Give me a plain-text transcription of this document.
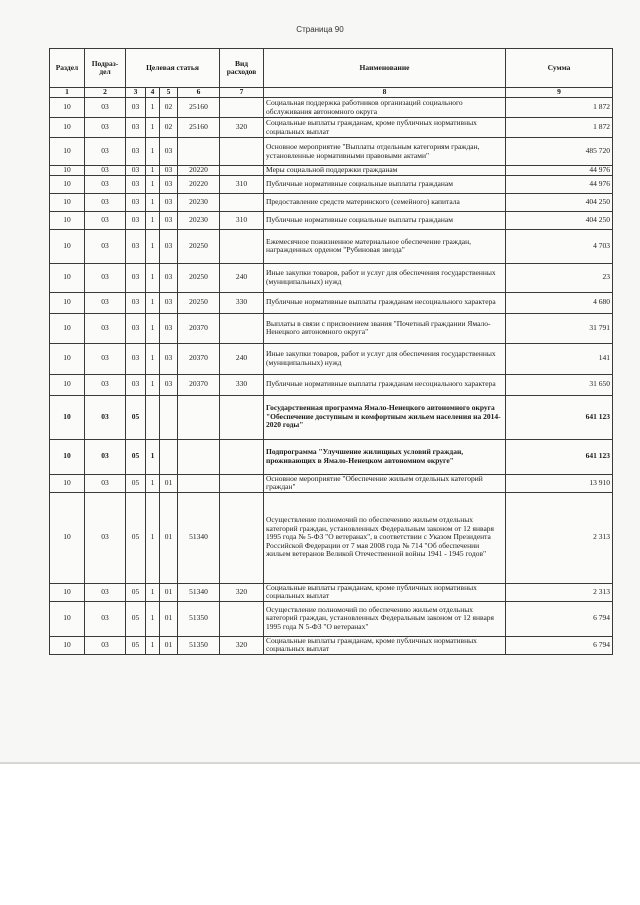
Страница 90
Раздел	Подраз-дел	Целевая статья				Вид расходов	Наименование	Сумма
1	2	3	4	5	6	7	8	9
10	03	03	1	02	25160		Социальная поддержка работников организаций социального обслуживания автономного округа	1 872
10	03	03	1	02	25160	320	Социальные выплаты гражданам, кроме публичных нормативных социальных выплат	1 872
10	03	03	1	03			Основное мероприятие "Выплаты отдельным категориям граждан, установленные нормативными правовыми актами"	485 720
10	03	03	1	03	20220		Меры социальной поддержки гражданам	44 976
10	03	03	1	03	20220	310	Публичные нормативные социальные выплаты гражданам	44 976
10	03	03	1	03	20230		Предоставление средств материнского (семейного) капитала	404 250
10	03	03	1	03	20230	310	Публичные нормативные социальные выплаты гражданам	404 250
10	03	03	1	03	20250		Ежемесячное пожизненное материальное обеспечение граждан, награжденных орденом "Рубиновая звезда"	4 703
10	03	03	1	03	20250	240	Иные закупки товаров, работ и услуг для обеспечения государственных (муниципальных) нужд	23
10	03	03	1	03	20250	330	Публичные нормативные выплаты гражданам несоциального характера	4 680
10	03	03	1	03	20370		Выплаты в связи с присвоением звания "Почетный граждании Ямало-Ненецкого автономного округа"	31 791
10	03	03	1	03	20370	240	Иные закупки товаров, работ и услуг для обеспечения государственных (муниципальных) нужд	141
10	03	03	1	03	20370	330	Публичные нормативные выплаты гражданам несоциального характера	31 650
10	03	05					Государственная программа Ямало-Ненецкого автономного округа "Обеспечение доступным и комфортным жильем населения на 2014-2020 годы"	641 123
10	03	05	1				Подпрограмма "Улучшение жилищных условий граждан, проживающих в Ямало-Ненецком автономном округе"	641 123
10	03	05	1	01			Основное мероприятие "Обеспечение жильем отдельных категорий граждан"	13 910
10	03	05	1	01	51340		Осуществление полномочий по обеспечению жильем отдельных категорий граждан, установленных Федеральным законом от 12 января 1995 года № 5-ФЗ "О ветеранах", в соответствии с Указом Президента Российской Федерации от 7 мая 2008 года № 714 "Об обеспечении жильем ветеранов Великой Отечественной войны 1941 - 1945 годов"	2 313
10	03	05	1	01	51340	320	Социальные выплаты гражданам, кроме публичных нормативных социальных выплат	2 313
10	03	05	1	01	51350		Осуществление полномочий по обеспечению жильем отдельных категорий граждан, установленных Федеральным законом от 12 января 1995 года N 5-ФЗ "О ветеранах"	6 794
10	03	05	1	01	51350	320	Социальные выплаты гражданам, кроме публичных нормативных социальных выплат	6 794
